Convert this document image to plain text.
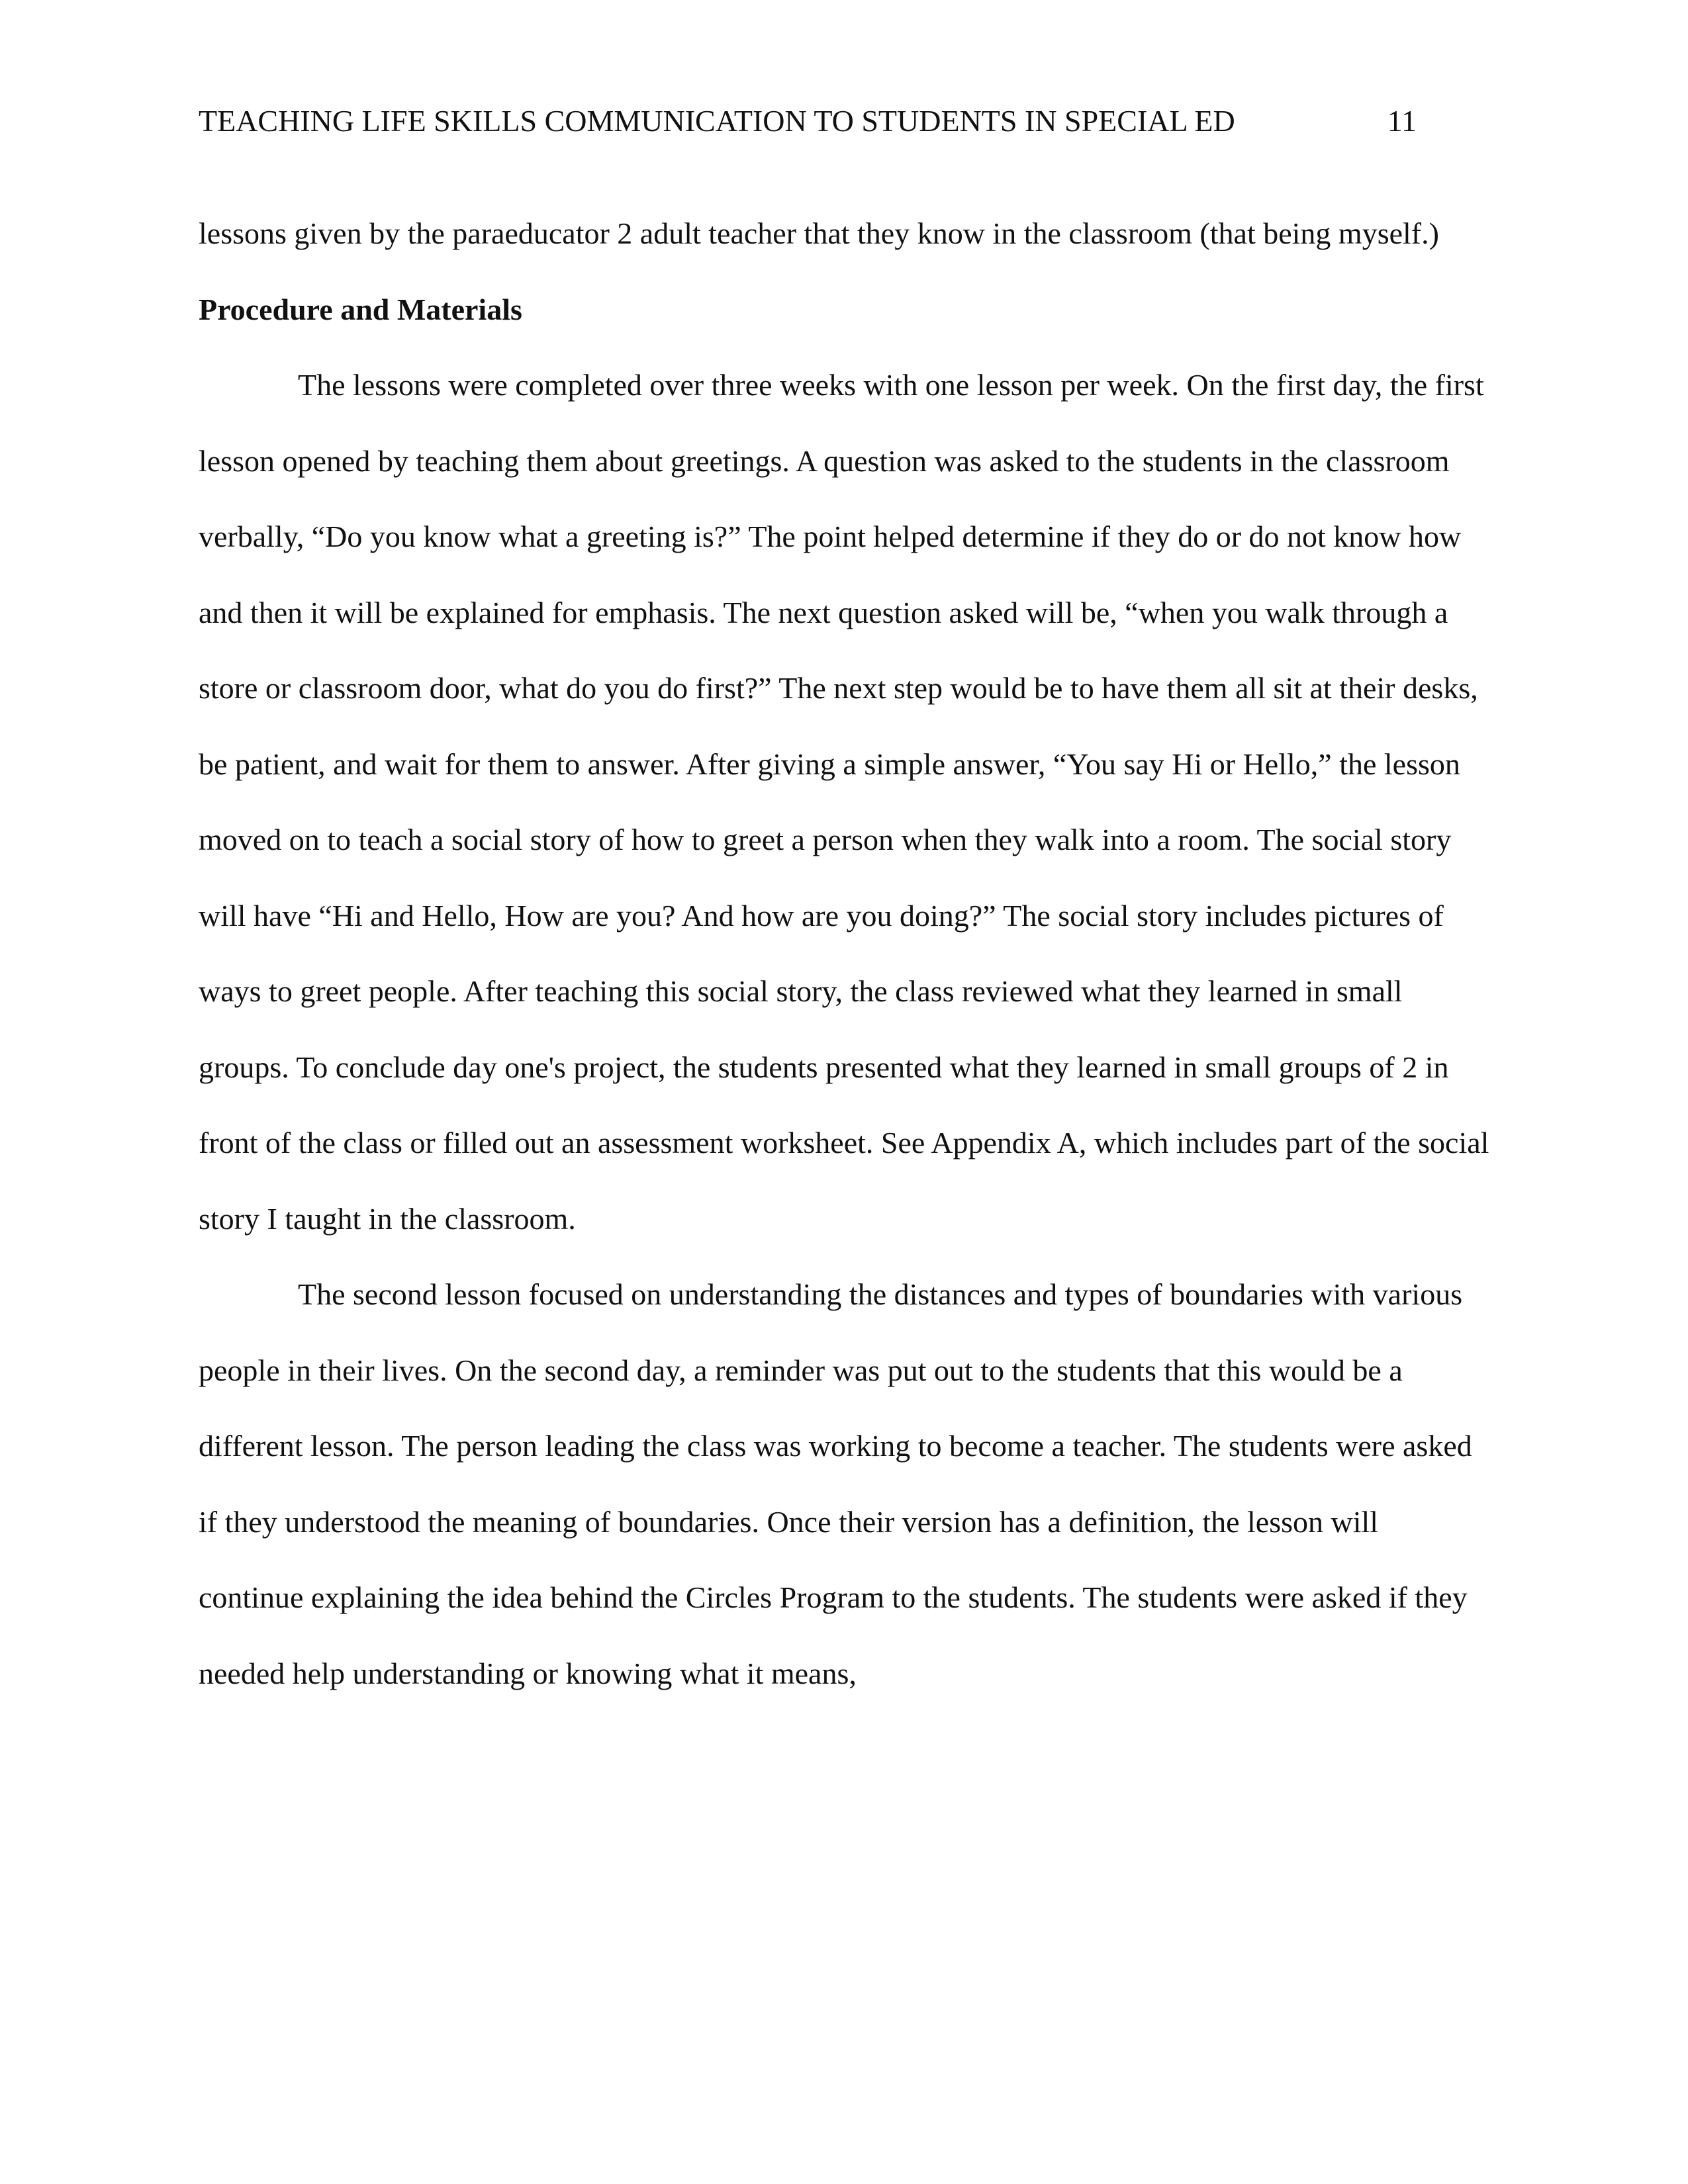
TEACHING LIFE SKILLS COMMUNICATION TO STUDENTS IN SPECIAL ED	11

lessons given by the paraeducator 2 adult teacher that they know in the classroom (that being myself.)

Procedure and Materials

The lessons were completed over three weeks with one lesson per week. On the first day, the first lesson opened by teaching them about greetings. A question was asked to the students in the classroom verbally, “Do you know what a greeting is?” The point helped determine if they do or do not know how and then it will be explained for emphasis. The next question asked will be, “when you walk through a store or classroom door, what do you do first?” The next step would be to have them all sit at their desks, be patient, and wait for them to answer. After giving a simple answer, “You say Hi or Hello,” the lesson moved on to teach a social story of how to greet a person when they walk into a room. The social story will have “Hi and Hello, How are you? And how are you doing?” The social story includes pictures of ways to greet people. After teaching this social story, the class reviewed what they learned in small groups. To conclude day one's project, the students presented what they learned in small groups of 2 in front of the class or filled out an assessment worksheet. See Appendix A, which includes part of the social story I taught in the classroom.

The second lesson focused on understanding the distances and types of boundaries with various people in their lives. On the second day, a reminder was put out to the students that this would be a different lesson. The person leading the class was working to become a teacher. The students were asked if they understood the meaning of boundaries. Once their version has a definition, the lesson will continue explaining the idea behind the Circles Program to the students. The students were asked if they needed help understanding or knowing what it means,
